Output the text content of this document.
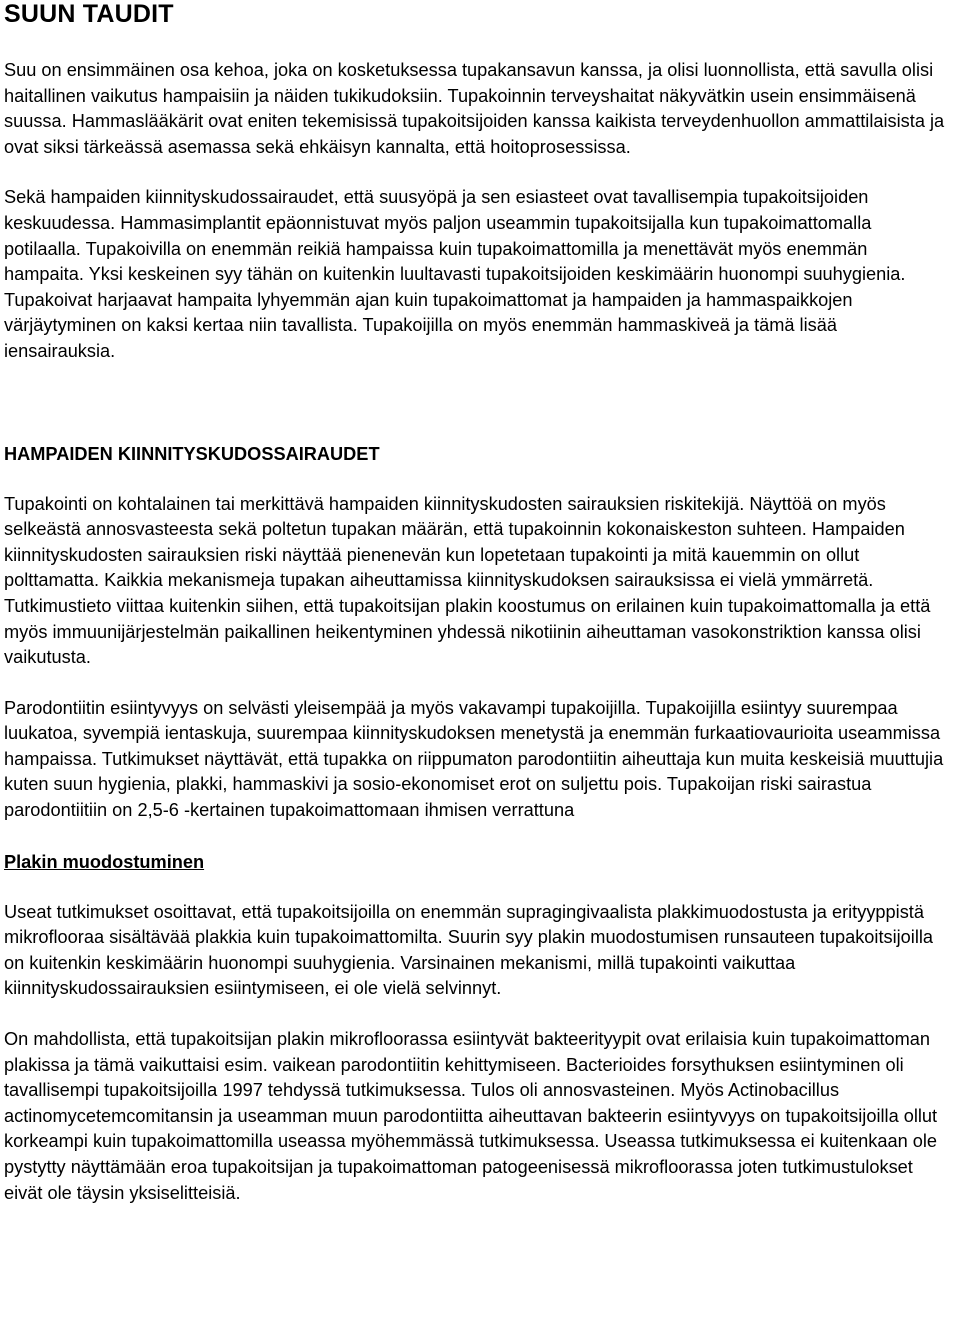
SUUN TAUDIT

Suu on ensimmäinen osa kehoa, joka on kosketuksessa tupakansavun kanssa, ja olisi luonnollista, että savulla olisi haitallinen vaikutus hampaisiin ja näiden tukikudoksiin. Tupakoinnin terveyshaitat näkyvätkin usein ensimmäisenä suussa. Hammaslääkärit ovat eniten tekemisissä tupakoitsijoiden kanssa kaikista terveydenhuollon ammattilaisista ja ovat siksi tärkeässä asemassa sekä ehkäisyn kannalta, että hoitoprosessissa.

Sekä hampaiden kiinnityskudossairaudet, että suusyöpä ja sen esiasteet ovat tavallisempia tupakoitsijoiden keskuudessa. Hammasimplantit epäonnistuvat myös paljon useammin tupakoitsijalla kun tupakoimattomalla potilaalla. Tupakoivilla on enemmän reikiä hampaissa kuin tupakoimattomilla ja menettävät myös enemmän hampaita. Yksi keskeinen syy tähän on kuitenkin luultavasti tupakoitsijoiden keskimäärin huonompi suuhygienia. Tupakoivat harjaavat hampaita lyhyemmän ajan kuin tupakoimattomat ja hampaiden ja hammaspaikkojen värjäytyminen on kaksi kertaa niin tavallista. Tupakoijilla on myös enemmän hammaskiveä ja tämä lisää iensairauksia.

HAMPAIDEN KIINNITYSKUDOSSAIRAUDET

Tupakointi on kohtalainen tai merkittävä hampaiden kiinnityskudosten sairauksien riskitekijä. Näyttöä on myös selkeästä annosvasteesta sekä poltetun tupakan määrän, että tupakoinnin kokonaiskeston suhteen. Hampaiden kiinnityskudosten sairauksien riski näyttää pienenevän kun lopetetaan tupakointi ja mitä kauemmin on ollut polttamatta. Kaikkia mekanismeja tupakan aiheuttamissa kiinnityskudoksen sairauksissa ei vielä ymmärretä. Tutkimustieto viittaa kuitenkin siihen, että tupakoitsijan plakin koostumus on erilainen kuin tupakoimattomalla ja että myös immuunijärjestelmän paikallinen heikentyminen yhdessä nikotiinin aiheuttaman vasokonstriktion kanssa olisi vaikutusta.

Parodontiitin esiintyvyys on selvästi yleisempää ja myös vakavampi tupakoijilla. Tupakoijilla esiintyy suurempaa luukatoa, syvempiä ientaskuja, suurempaa kiinnityskudoksen menetystä ja enemmän furkaatiovaurioita useammissa hampaissa. Tutkimukset näyttävät, että tupakka on riippumaton parodontiitin aiheuttaja kun muita keskeisiä muuttujia kuten suun hygienia, plakki, hammaskivi ja sosio-ekonomiset erot on suljettu pois. Tupakoijan riski sairastua parodontiitiin on 2,5-6 -kertainen tupakoimattomaan ihmisen verrattuna

Plakin muodostuminen

Useat tutkimukset osoittavat, että tupakoitsijoilla on enemmän supragingivaalista plakkimuodostusta ja erityyppistä mikrofloorаа sisältävää plakkia kuin tupakoimattomilta. Suurin syy plakin muodostumisen runsauteen tupakoitsijoilla on kuitenkin keskimäärin huonompi suuhygienia. Varsinainen mekanismi, millä tupakointi vaikuttaa kiinnityskudossairauksien esiintymiseen, ei ole vielä selvinnyt.

On mahdollista, että tupakoitsijan plakin mikrofloorassa esiintyvät bakteerityypit ovat erilaisia kuin tupakoimattoman plakissa ja tämä vaikuttaisi esim. vaikean parodontiitin kehittymiseen. Bacterioides forsythuksen esiintyminen oli tavallisempi tupakoitsijoilla 1997 tehdyssä tutkimuksessa. Tulos oli annosvasteinen. Myös Actinobacillus actinomycetemcomitansin ja useamman muun parodontiitta aiheuttavan bakteerin esiintyvyys on tupakoitsijoilla ollut korkeampi kuin tupakoimattomilla useassa myöhemmässä tutkimuksessa. Useassa tutkimuksessa ei kuitenkaan ole pystytty näyttämään eroa tupakoitsijan ja tupakoimattoman patogeenisessä mikrofloorassa joten tutkimustulokset eivät ole täysin yksiselitteisiä.
